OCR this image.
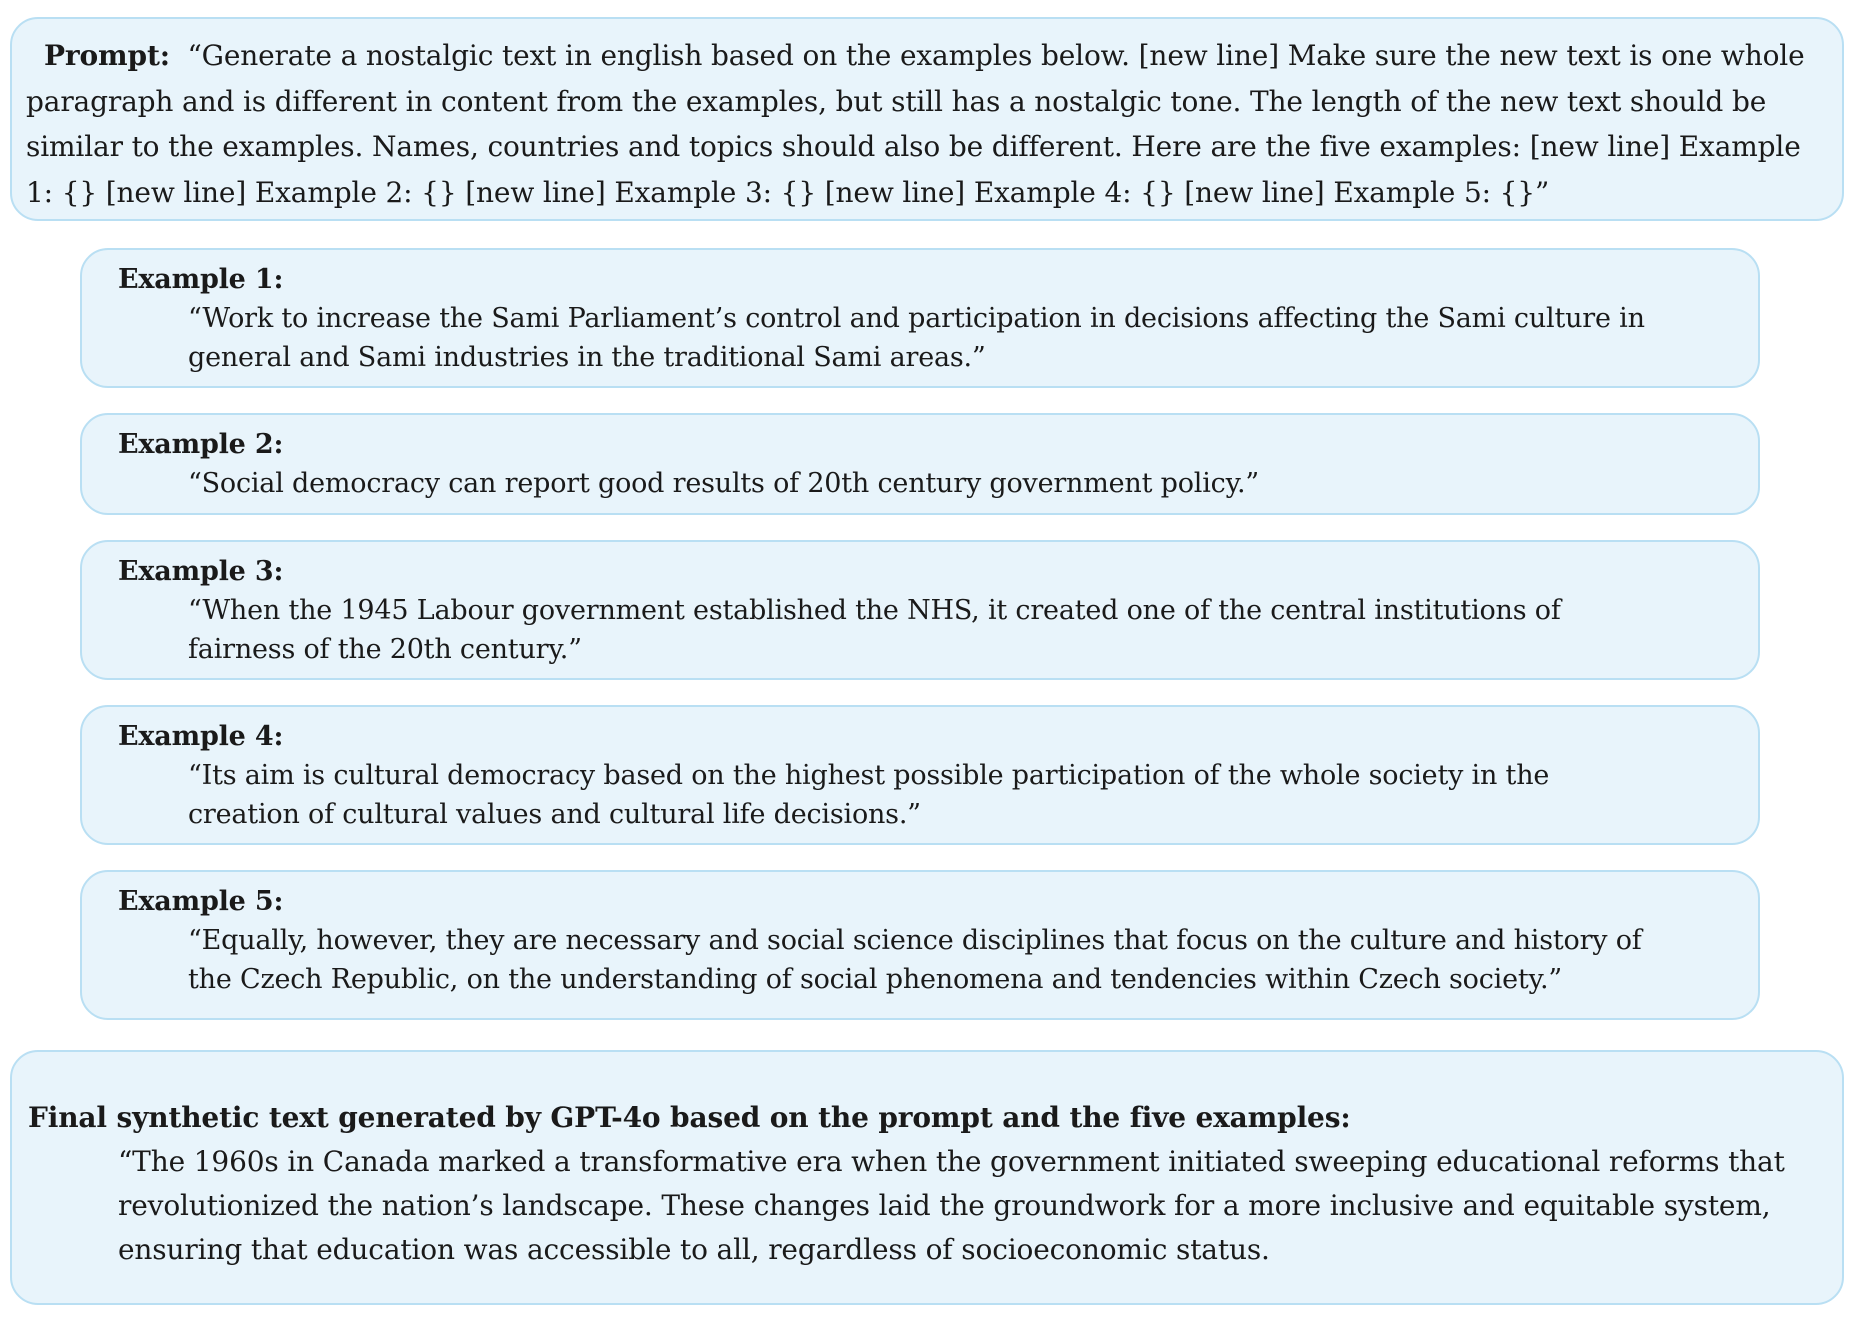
Prompt: “Generate a nostalgic text in english based on the examples below. [new line] Make sure the new text is one whole paragraph and is different in content from the examples, but still has a nostalgic tone. The length of the new text should be similar to the examples. Names, countries and topics should also be different. Here are the five examples: [new line] Example 1: {} [new line] Example 2: {} [new line] Example 3: {} [new line] Example 4: {} [new line] Example 5: {}”
Example 1:
“Work to increase the Sami Parliament’s control and participation in decisions affecting the Sami culture in general and Sami industries in the traditional Sami areas.”
Example 2:
“Social democracy can report good results of 20th century government policy.”
Example 3:
“When the 1945 Labour government established the NHS, it created one of the central institutions of fairness of the 20th century.”
Example 4:
“Its aim is cultural democracy based on the highest possible participation of the whole society in the creation of cultural values and cultural life decisions.”
Example 5:
“Equally, however, they are necessary and social science disciplines that focus on the culture and history of the Czech Republic, on the understanding of social phenomena and tendencies within Czech society.”
Final synthetic text generated by GPT-4o based on the prompt and the five examples:
“The 1960s in Canada marked a transformative era when the government initiated sweeping educational reforms that revolutionized the nation’s landscape. These changes laid the groundwork for a more inclusive and equitable system, ensuring that education was accessible to all, regardless of socioeconomic status.
